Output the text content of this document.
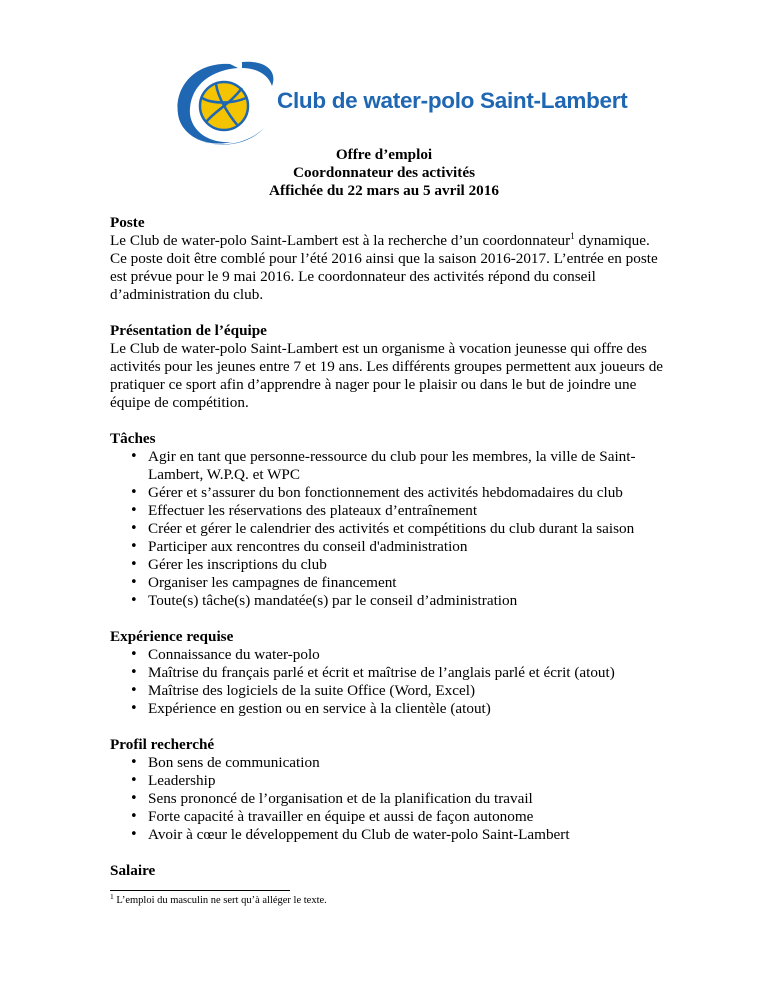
Club de water-polo Saint-Lambert
Offre d’emploi
Coordonnateur des activités
Affichée du 22 mars au 5 avril 2016
Poste

Le Club de water-polo Saint-Lambert est à la recherche d’un coordonnateur$^1$ dynamique. Ce poste doit être comblé pour l’été 2016 ainsi que la saison 2016-2017. L’entrée en poste est prévue pour le 9 mai 2016. Le coordonnateur des activités répond du conseil d’administration du club.

Présentation de l’équipe

Le Club de water-polo Saint-Lambert est un organisme à vocation jeunesse qui offre des activités pour les jeunes entre 7 et 19 ans. Les différents groupes permettent aux joueurs de pratiquer ce sport afin d’apprendre à nager pour le plaisir ou dans le but de joindre une équipe de compétition.

Tâches
• Agir en tant que personne-ressource du club pour les membres, la ville de Saint-Lambert, W.P.Q. et WPC
• Gérer et s’assurer du bon fonctionnement des activités hebdomadaires du club
• Effectuer les réservations des plateaux d’entraînement
• Créer et gérer le calendrier des activités et compétitions du club durant la saison
• Participer aux rencontres du conseil d'administration
• Gérer les inscriptions du club
• Organiser les campagnes de financement
• Toute(s) tâche(s) mandatée(s) par le conseil d’administration
Expérience requise
• Connaissance du water-polo
• Maîtrise du français parlé et écrit et maîtrise de l’anglais parlé et écrit (atout)
• Maîtrise des logiciels de la suite Office (Word, Excel)
• Expérience en gestion ou en service à la clientèle (atout)
Profil recherché
• Bon sens de communication
• Leadership
• Sens prononcé de l’organisation et de la planification du travail
• Forte capacité à travailler en équipe et aussi de façon autonome
• Avoir à cœur le développement du Club de water-polo Saint-Lambert
Salaire
$^1$ L’emploi du masculin ne sert qu’à alléger le texte.
